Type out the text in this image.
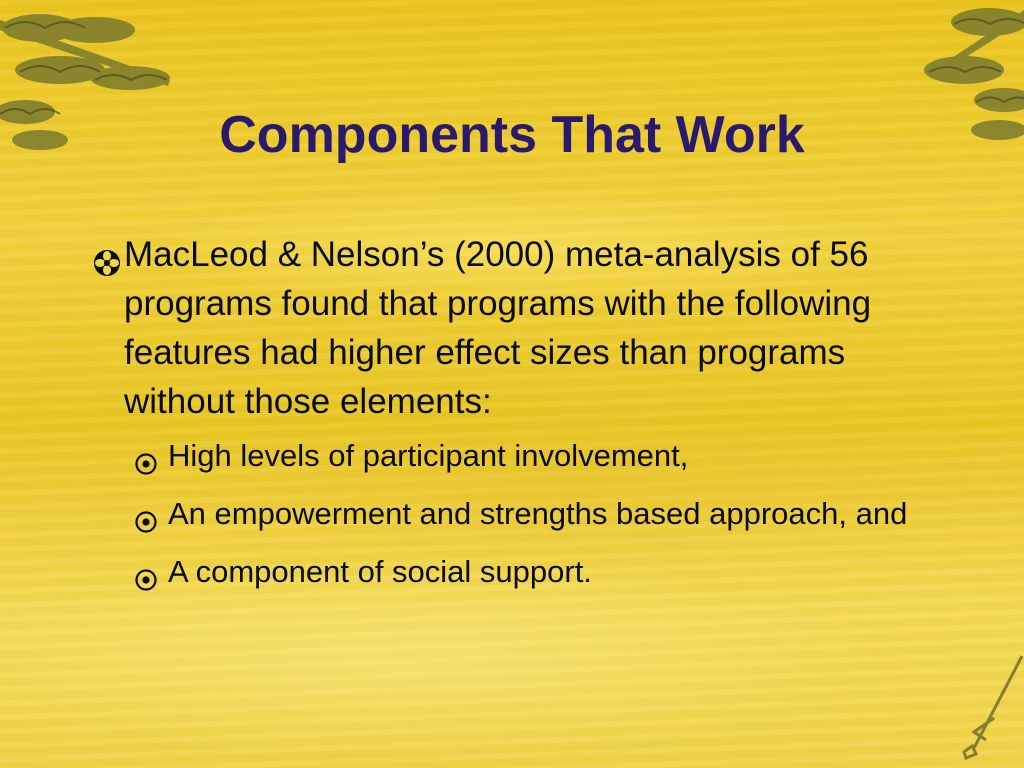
Components That Work
MacLeod & Nelson’s (2000) meta-analysis of 56 programs found that programs with the following features had higher effect sizes than programs without those elements:
High levels of participant involvement,
An empowerment and strengths based approach, and
A component of social support.
